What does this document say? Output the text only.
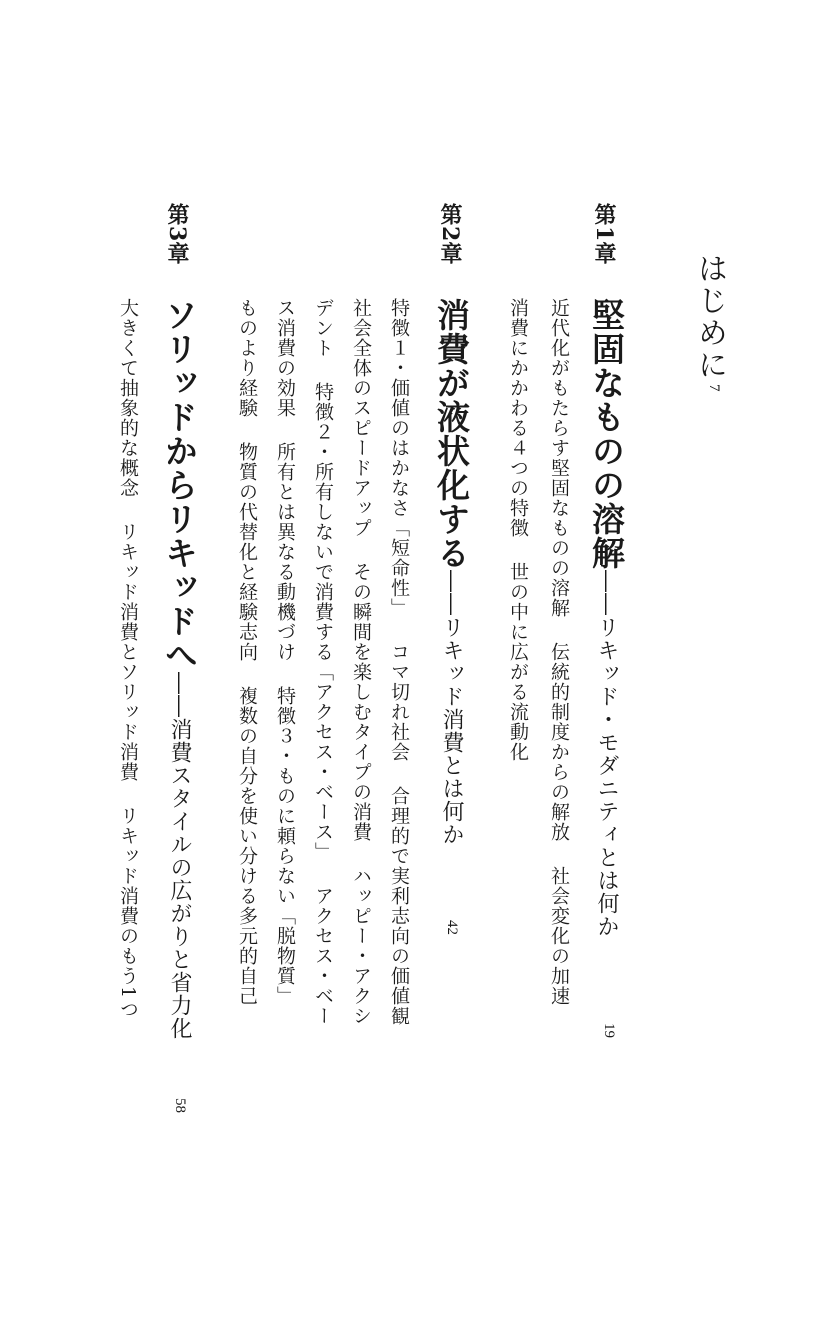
はじめに
7
第1章
堅固なものの溶解――リキッド・モダニティとは何か
19
近代化がもたらす堅固なものの溶解伝統的制度からの解放社会変化の加速
消費にかかわる４つの特徴世の中に広がる流動化
第2章
消費が液状化する――リキッド消費とは何か
42
特徴１・価値のはかなさ「短命性」コマ切れ社会合理的で実利志向の価値観
社会全体のスピードアップその瞬間を楽しむタイプの消費ハッピー・アクシ
デント特徴２・所有しないで消費する「アクセス・ベース」アクセス・ベー
ス消費の効果所有とは異なる動機づけ特徴３・ものに頼らない「脱物質」
ものより経験物質の代替化と経験志向複数の自分を使い分ける多元的自己
第3章
ソリッドからリキッドへ――消費スタイルの広がりと省力化
58
大きくて抽象的な概念リキッド消費とソリッド消費リキッド消費のもう1つ
